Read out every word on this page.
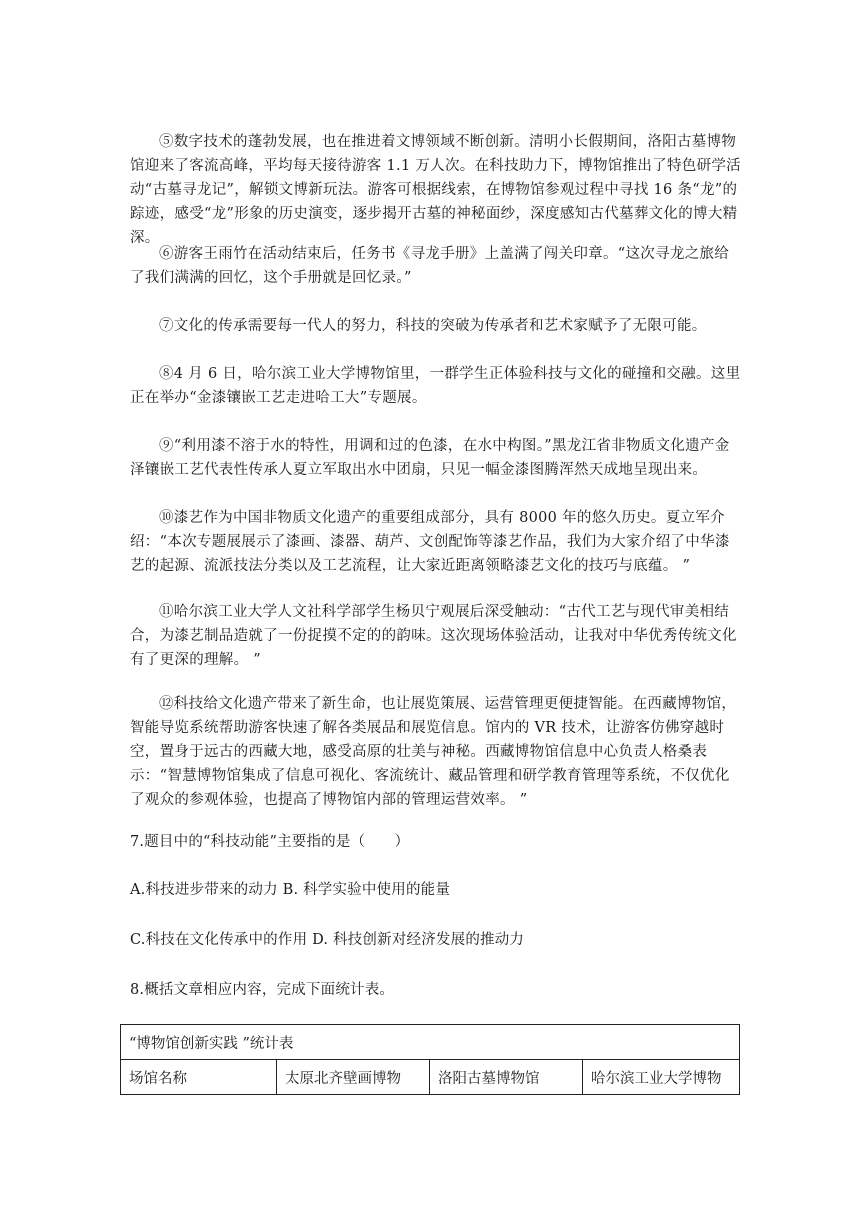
⑤数字技术的蓬勃发展，也在推进着文博领域不断创新。清明小长假期间，洛阳古墓博物馆迎来了客流高峰，平均每天接待游客 1.1 万人次。在科技助力下，博物馆推出了特色研学活动“古墓寻龙记”，解锁文博新玩法。游客可根据线索，在博物馆参观过程中寻找 16 条“龙”的踪迹，感受“龙”形象的历史演变，逐步揭开古墓的神秘面纱，深度感知古代墓葬文化的博大精深。

⑥游客王雨竹在活动结束后，任务书《寻龙手册》上盖满了闯关印章。“这次寻龙之旅给了我们满满的回忆，这个手册就是回忆录。”

⑦文化的传承需要每一代人的努力，科技的突破为传承者和艺术家赋予了无限可能。

⑧4 月 6 日，哈尔滨工业大学博物馆里，一群学生正体验科技与文化的碰撞和交融。这里正在举办“金漆镶嵌工艺走进哈工大”专题展。

⑨“利用漆不溶于水的特性，用调和过的色漆，在水中构图。”黑龙江省非物质文化遗产金泽镶嵌工艺代表性传承人夏立军取出水中团扇，只见一幅金漆图腾浑然天成地呈现出来。

⑩漆艺作为中国非物质文化遗产的重要组成部分，具有 8000 年的悠久历史。夏立军介绍：“本次专题展展示了漆画、漆器、葫芦、文创配饰等漆艺作品，我们为大家介绍了中华漆艺的起源、流派技法分类以及工艺流程，让大家近距离领略漆艺文化的技巧与底蕴。 ”

⑪哈尔滨工业大学人文社科学部学生杨贝宁观展后深受触动：“古代工艺与现代审美相结合，为漆艺制品造就了一份捉摸不定的的韵味。这次现场体验活动，让我对中华优秀传统文化有了更深的理解。 ”

⑫科技给文化遗产带来了新生命，也让展览策展、运营管理更便捷智能。在西藏博物馆，智能导览系统帮助游客快速了解各类展品和展览信息。馆内的 VR 技术，让游客仿佛穿越时空，置身于远古的西藏大地，感受高原的壮美与神秘。西藏博物馆信息中心负责人格桑表示：“智慧博物馆集成了信息可视化、客流统计、藏品管理和研学教育管理等系统，不仅优化了观众的参观体验，也提高了博物馆内部的管理运营效率。 ”

7.题目中的“科技动能”主要指的是（　　）

A.科技进步带来的动力 B. 科学实验中使用的能量

C.科技在文化传承中的作用 D. 科技创新对经济发展的推动力

8.概括文章相应内容，完成下面统计表。

“博物馆创新实践 ”统计表
场馆名称	太原北齐壁画博物	洛阳古墓博物馆	哈尔滨工业大学博物
